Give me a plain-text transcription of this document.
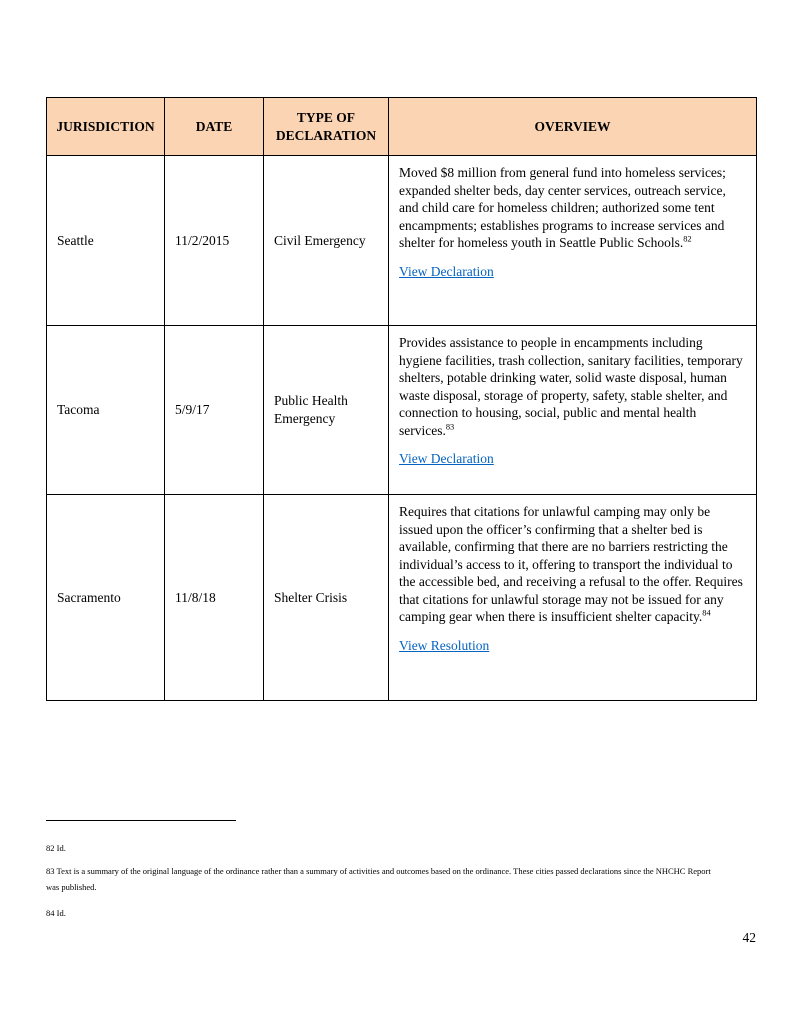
JURISDICTION	DATE	TYPE OF DECLARATION	OVERVIEW
Seattle	11/2/2015	Civil Emergency	Moved $8 million from general fund into homeless services; expanded shelter beds, day center services, outreach service, and child care for homeless children; authorized some tent encampments; establishes programs to increase services and shelter for homeless youth in Seattle Public Schools.$^{82}$

View Declaration

Tacoma	5/9/17	Public Health Emergency	Provides assistance to people in encampments including hygiene facilities, trash collection, sanitary facilities, temporary shelters, potable drinking water, solid waste disposal, human waste disposal, storage of property, safety, stable shelter, and connection to housing, social, public and mental health services.$^{83}$

View Declaration

Sacramento	11/8/18	Shelter Crisis	Requires that citations for unlawful camping may only be issued upon the officer’s confirming that a shelter bed is available, confirming that there are no barriers restricting the individual’s access to it, offering to transport the individual to the accessible bed, and receiving a refusal to the offer. Requires that citations for unlawful storage may not be issued for any camping gear when there is insufficient shelter capacity.$^{84}$

View Resolution

82 Id.

83 Text is a summary of the original language of the ordinance rather than a summary of activities and outcomes based on the ordinance. These cities passed declarations since the NHCHC Report was published.

84 Id.

42
